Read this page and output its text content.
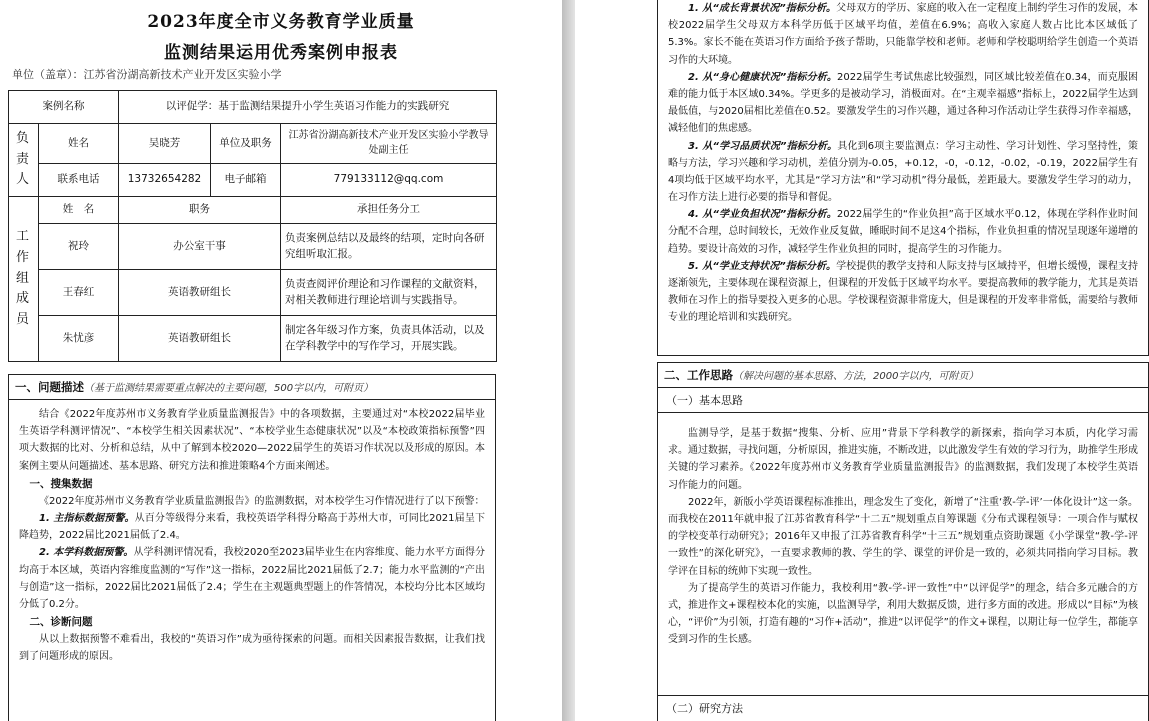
2023年度全市义务教育学业质量
监测结果运用优秀案例申报表
单位（盖章）：江苏省汾湖高新技术产业开发区实验小学
案例名称		以评促学：基于监测结果提升小学生英语习作能力的实践研究		
负责人	姓名	吴晓芳	单位及职务	江苏省汾湖高新技术产业开发区实验小学教导处副主任
	联系电话	13732654282	电子邮箱	779133112@qq.com
工作组成员	姓　名	职务		承担任务分工
	祝玲	办公室干事		负责案例总结以及最终的结项，定时向各研究组听取汇报。
	王春红	英语教研组长		负责查阅评价理论和习作课程的文献资料，对相关教师进行理论培训与实践指导。
	朱忧彦	英语教研组长		制定各年级习作方案，负责具体活动，以及在学科教学中的写作学习，开展实践。
一、问题描述（基于监测结果需要重点解决的主要问题，500字以内，可附页）

结合《2022年度苏州市义务教育学业质量监测报告》中的各项数据，主要通过对“本校2022届毕业生英语学科测评情况”、“本校学生相关因素状况”、“本校学业生态健康状况”以及“本校政策指标预警”四项大数据的比对、分析和总结，从中了解到本校2020—2022届学生的英语习作状况以及形成的原因。本案例主要从问题描述、基本思路、研究方法和推进策略4个方面来阐述。

一、搜集数据

《2022年度苏州市义务教育学业质量监测报告》的监测数据，对本校学生习作情况进行了以下预警：

1. 主指标数据预警。从百分等级得分来看，我校英语学科得分略高于苏州大市，可同比2021届呈下降趋势，2022届比2021届低了2.4。

2. 本学科数据预警。从学科测评情况看，我校2020至2023届毕业生在内容维度、能力水平方面得分均高于本区域，英语内容维度监测的“写作”这一指标，2022届比2021届低了2.7；能力水平监测的“产出与创造”这一指标，2022届比2021届低了2.4；学生在主观题典型题上的作答情况，本校均分比本区域均分低了0.2分。

二、诊断问题

从以上数据预警不难看出，我校的“英语习作”成为亟待探索的问题。而相关因素报告数据，让我们找到了问题形成的原因。

1. 从“成长背景状况”指标分析。父母双方的学历、家庭的收入在一定程度上制约学生习作的发展，本校2022届学生父母双方本科学历低于区域平均值，差值在6.9%；高收入家庭人数占比比本区域低了5.3%。家长不能在英语习作方面给予孩子帮助，只能靠学校和老师。老师和学校聪明给学生创造一个英语习作的大环境。

2. 从“身心健康状况”指标分析。2022届学生考试焦虑比较强烈，同区域比较差值在0.34，而克服困难的能力低于本区域0.34%。学更多的是被动学习，消极面对。在“主观幸福感”指标上，2022届学生达到最低值，与2020届相比差值在0.52。要激发学生的习作兴趣，通过各种习作活动让学生获得习作幸福感，减轻他们的焦虑感。

3. 从“学习品质状况”指标分析。具化到6项主要监测点：学习主动性、学习计划性、学习坚持性，策略与方法，学习兴趣和学习动机，差值分别为-0.05，+0.12，-0，-0.12，-0.02，-0.19，2022届学生有4项均低于区域平均水平，尤其是“学习方法”和“学习动机”得分最低，差距最大。要激发学生学习的动力，在习作方法上进行必要的指导和督促。

4. 从“学业负担状况”指标分析。2022届学生的“作业负担”高于区域水平0.12，体现在学科作业时间分配不合理，总时间较长，无效作业反复做，睡眠时间不足这4个指标，作业负担重的情况呈现逐年递增的趋势。要设计高效的习作，减轻学生作业负担的同时，提高学生的习作能力。

5. 从“学业支持状况”指标分析。学校提供的教学支持和人际支持与区域持平，但增长缓慢，课程支持逐渐领先，主要体现在课程资源上，但课程的开发低于区域平均水平。要提高教师的教学能力，尤其是英语教师在习作上的指导要投入更多的心思。学校课程资源非常庞大，但是课程的开发率非常低，需要给与教师专业的理论培训和实践研究。

二、工作思路（解决问题的基本思路、方法，2000字以内，可附页）
（一）基本思路

监测导学，是基于数据“搜集、分析、应用”背景下学科教学的新探索，指向学习本质，内化学习需求。通过数据，寻找问题，分析原因，推进实施，不断改进，以此激发学生有效的学习行为，助推学生形成关键的学习素养。《2022年度苏州市义务教育学业质量监测报告》的监测数据，我们发现了本校学生英语习作能力的问题。

2022年，新版小学英语课程标准推出，理念发生了变化，新增了“注重‘教-学-评’一体化设计”这一条。而我校在2011年就申报了江苏省教育科学“十二五”规划重点自筹课题《分布式课程领导：一项合作与赋权的学校变革行动研究》；2016年又申报了江苏省教育科学“十三五”规划重点资助课题《小学课堂“教-学-评一致性”的深化研究》，一直要求教师的教、学生的学、课堂的评价是一致的，必须共同指向学习目标。教学评在目标的统帅下实现一致性。

为了提高学生的英语习作能力，我校利用“教-学-评一致性”中“以评促学”的理念，结合多元融合的方式，推进作文+课程校本化的实施，以监测导学，利用大数据反馈，进行多方面的改进。形成以“目标”为核心，“评价”为引领，打造有趣的“习作+活动”，推进“以评促学”的作文+课程，以期让每一位学生，都能享受到习作的生长感。

（二）研究方法
